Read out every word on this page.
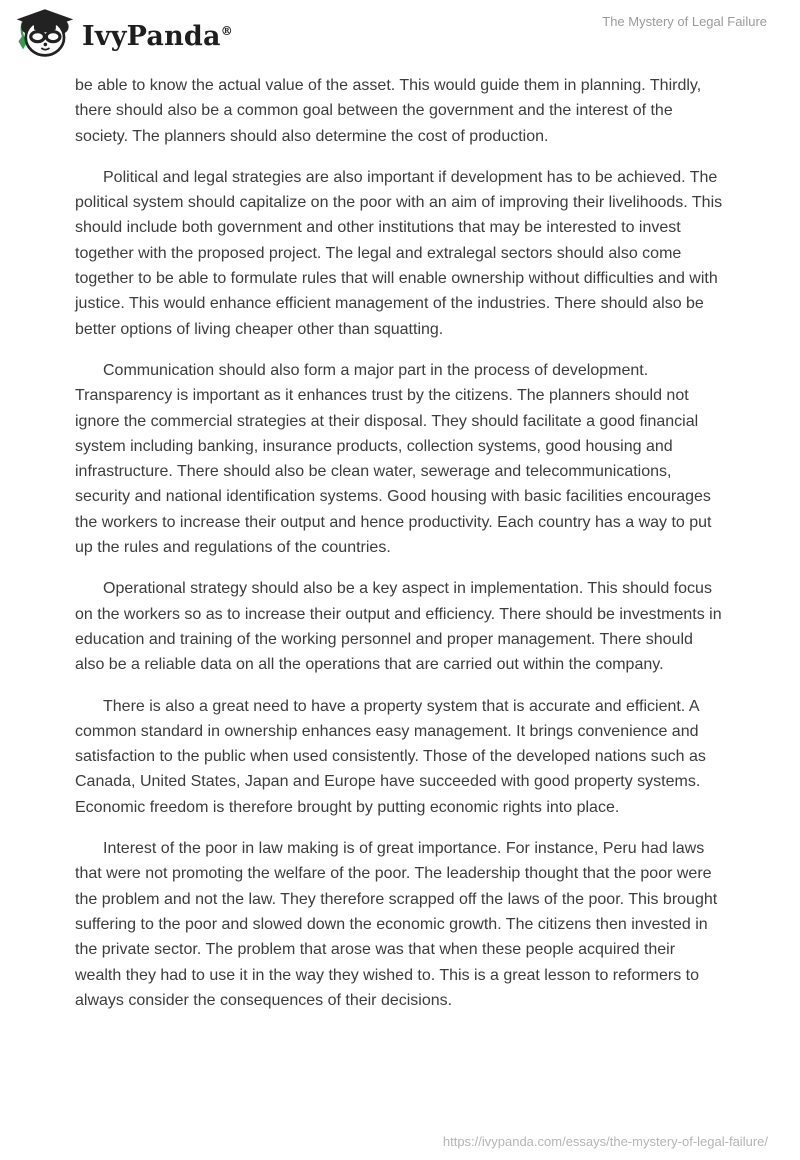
IvyPanda®
The Mystery of Legal Failure

be able to know the actual value of the asset. This would guide them in planning. Thirdly, there should also be a common goal between the government and the interest of the society. The planners should also determine the cost of production.

Political and legal strategies are also important if development has to be achieved. The political system should capitalize on the poor with an aim of improving their livelihoods. This should include both government and other institutions that may be interested to invest together with the proposed project. The legal and extralegal sectors should also come together to be able to formulate rules that will enable ownership without difficulties and with justice. This would enhance efficient management of the industries. There should also be better options of living cheaper other than squatting.

Communication should also form a major part in the process of development. Transparency is important as it enhances trust by the citizens. The planners should not ignore the commercial strategies at their disposal. They should facilitate a good financial system including banking, insurance products, collection systems, good housing and infrastructure. There should also be clean water, sewerage and telecommunications, security and national identification systems. Good housing with basic facilities encourages the workers to increase their output and hence productivity. Each country has a way to put up the rules and regulations of the countries.

Operational strategy should also be a key aspect in implementation. This should focus on the workers so as to increase their output and efficiency. There should be investments in education and training of the working personnel and proper management. There should also be a reliable data on all the operations that are carried out within the company.

There is also a great need to have a property system that is accurate and efficient. A common standard in ownership enhances easy management. It brings convenience and satisfaction to the public when used consistently. Those of the developed nations such as Canada, United States, Japan and Europe have succeeded with good property systems. Economic freedom is therefore brought by putting economic rights into place.

Interest of the poor in law making is of great importance. For instance, Peru had laws that were not promoting the welfare of the poor. The leadership thought that the poor were the problem and not the law. They therefore scrapped off the laws of the poor. This brought suffering to the poor and slowed down the economic growth. The citizens then invested in the private sector. The problem that arose was that when these people acquired their wealth they had to use it in the way they wished to. This is a great lesson to reformers to always consider the consequences of their decisions.

https://ivypanda.com/essays/the-mystery-of-legal-failure/
